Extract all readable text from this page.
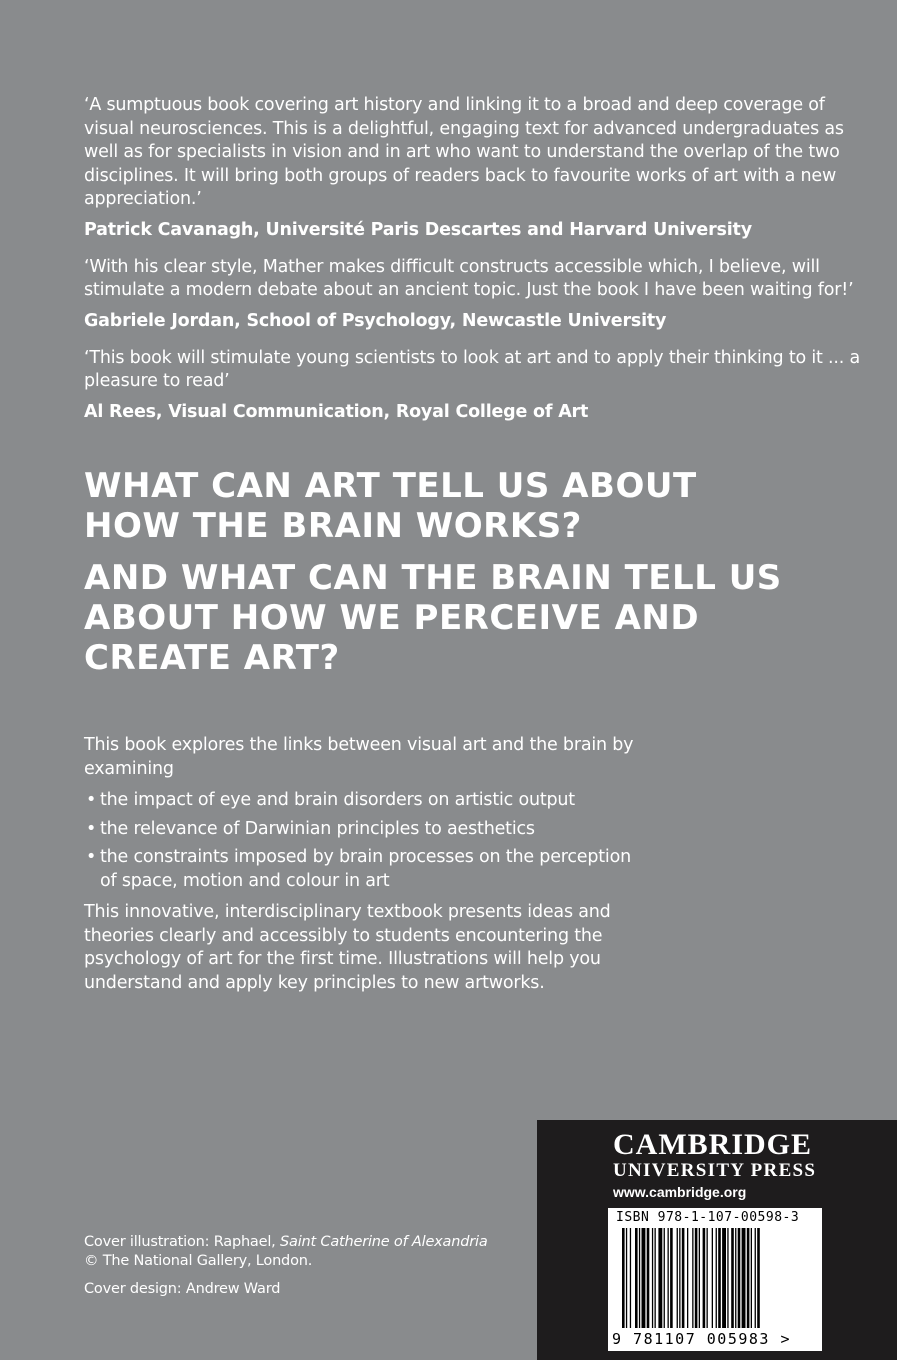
‘A sumptuous book covering art history and linking it to a broad and deep coverage of visual neurosciences. This is a delightful, engaging text for advanced undergraduates as well as for specialists in vision and in art who want to understand the overlap of the two disciplines. It will bring both groups of readers back to favourite works of art with a new appreciation.’

Patrick Cavanagh, Université Paris Descartes and Harvard University

‘With his clear style, Mather makes difficult constructs accessible which, I believe, will stimulate a modern debate about an ancient topic. Just the book I have been waiting for!’

Gabriele Jordan, School of Psychology, Newcastle University

‘This book will stimulate young scientists to look at art and to apply their thinking to it ... a pleasure to read’

Al Rees, Visual Communication, Royal College of Art

WHAT CAN ART TELL US ABOUT HOW THE BRAIN WORKS?

AND WHAT CAN THE BRAIN TELL US ABOUT HOW WE PERCEIVE AND CREATE ART?

This book explores the links between visual art and the brain by examining

• the impact of eye and brain disorders on artistic output
• the relevance of Darwinian principles to aesthetics
• the constraints imposed by brain processes on the perception of space, motion and colour in art

This innovative, interdisciplinary textbook presents ideas and theories clearly and accessibly to students encountering the psychology of art for the first time. Illustrations will help you understand and apply key principles to new artworks.

Cover illustration: Raphael, Saint Catherine of Alexandria

© The National Gallery, London.

Cover design: Andrew Ward

CAMBRIDGE
UNIVERSITY PRESS
www.cambridge.org
ISBN 978-1-107-00598-3
9 781107 005983 >
